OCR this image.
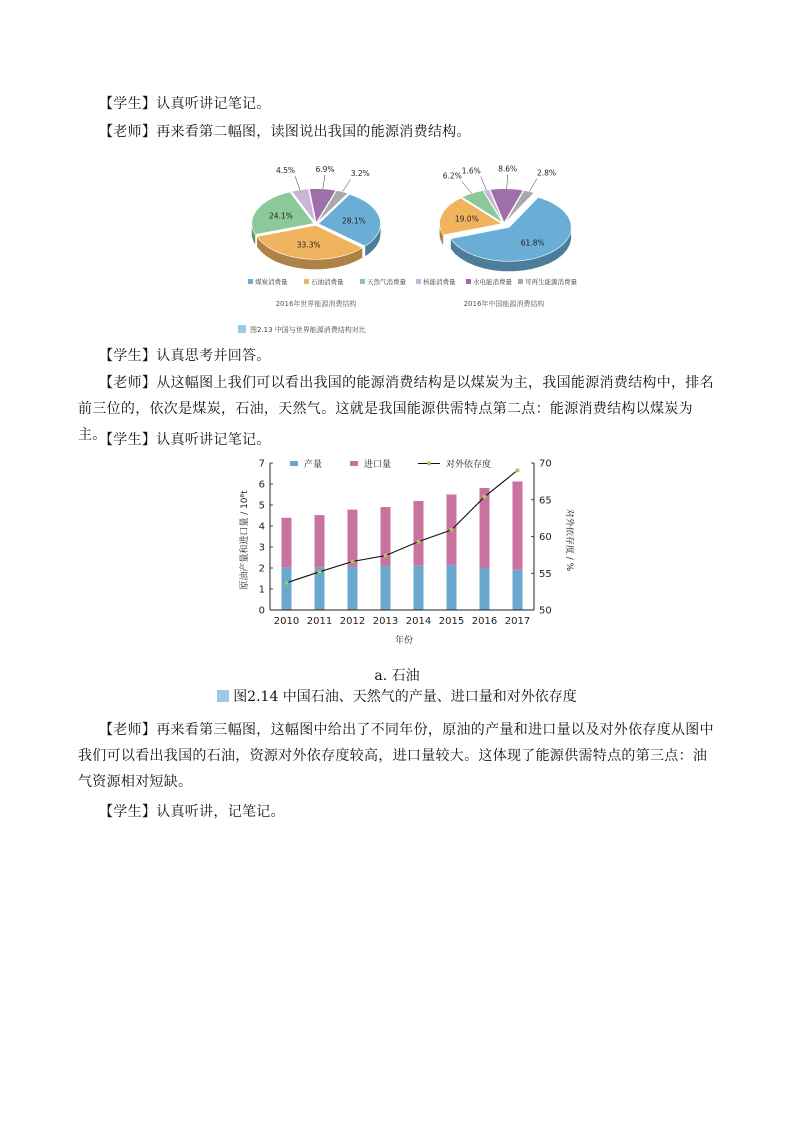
【学生】认真听讲记笔记。

【老师】再来看第二幅图，读图说出我国的能源消费结构。

28.1%
33.3%
24.1%
4.5%	6.9% 3.2%
61.8%
19.0%
6.2%
1.6% 8.6%	2.8%
煤炭消费量	石油消费量	天然气消费量	核能消费量	水电能消费量 可再生能源消费量
2016年世界能源消费结构	2016年中国能源消费结构
图2.13 中国与世界能源消费结构对比

【学生】认真思考并回答。

【老师】从这幅图上我们可以看出我国的能源消费结构是以煤炭为主，我国能源消费结构中，排名前三位的，依次是煤炭，石油，天然气。这就是我国能源供需特点第二点：能源消费结构以煤炭为主。

【学生】认真听讲记笔记。

0
1
2
3
4
5
6
7
50
55
60
65
70
2010 2011 2012 2013 2014 2015 2016 2017
产量	进口量	对外依存度
年份
原油产量和进口量 / 10⁸t	对外依存度 / %
a. 石油
图2.14 中国石油、天然气的产量、进口量和对外依存度

【老师】再来看第三幅图，这幅图中给出了不同年份，原油的产量和进口量以及对外依存度从图中我们可以看出我国的石油，资源对外依存度较高，进口量较大。这体现了能源供需特点的第三点：油气资源相对短缺。

【学生】认真听讲，记笔记。
